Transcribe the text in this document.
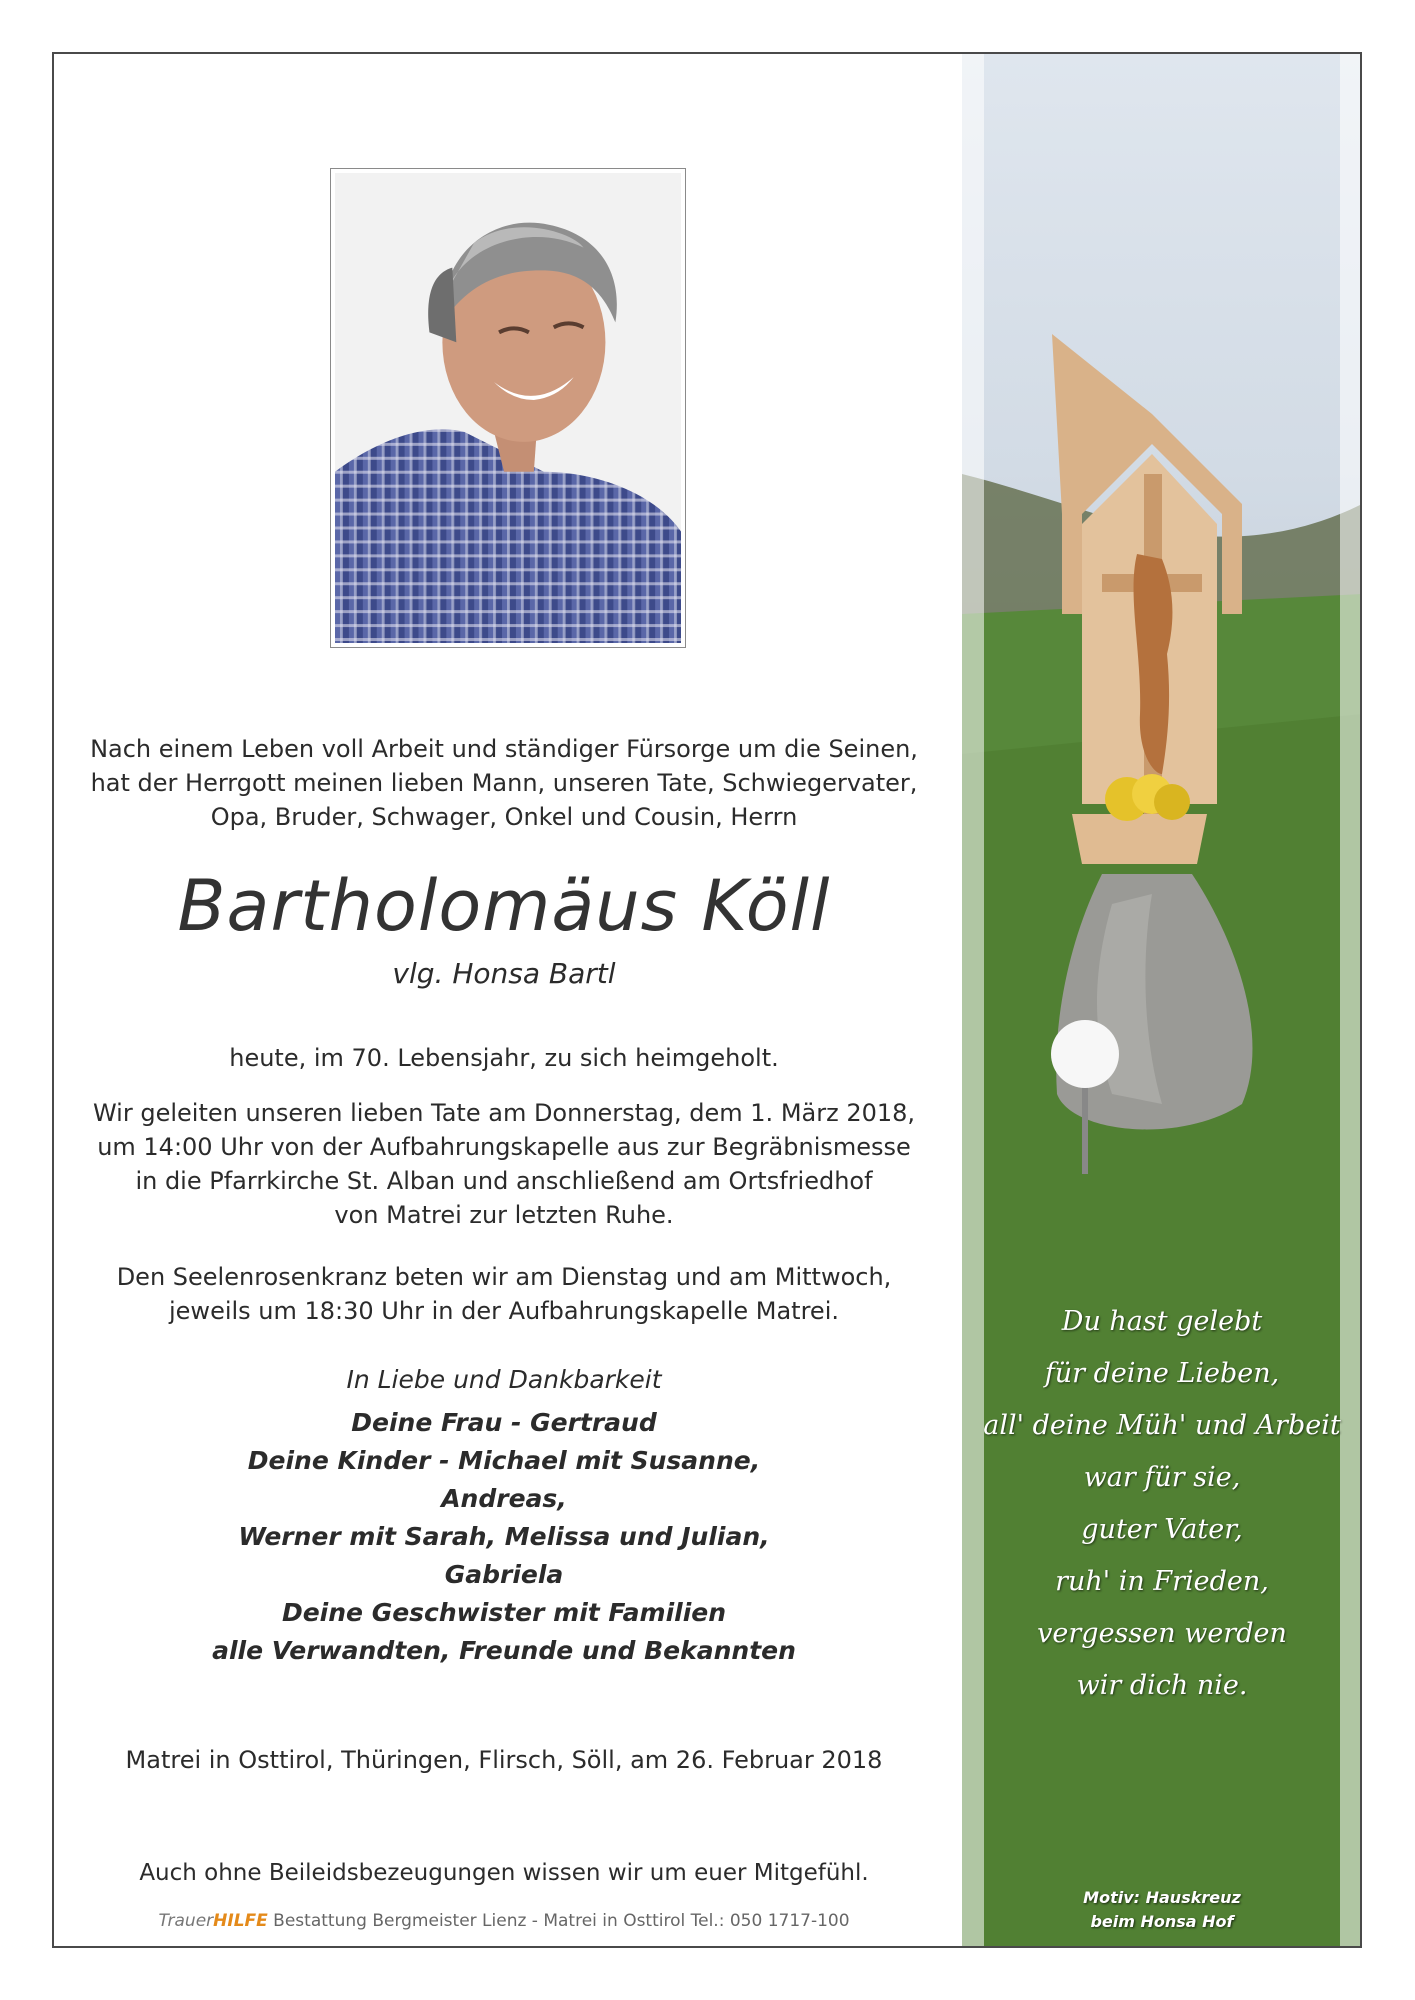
Nach einem Leben voll Arbeit und ständiger Fürsorge um die Seinen,
hat der Herrgott meinen lieben Mann, unseren Tate, Schwiegervater,
Opa, Bruder, Schwager, Onkel und Cousin, Herrn
Bartholomäus Köll
vlg. Honsa Bartl
heute, im 70. Lebensjahr, zu sich heimgeholt.
Wir geleiten unseren lieben Tate am Donnerstag, dem 1. März 2018,
um 14:00 Uhr von der Aufbahrungskapelle aus zur Begräbnismesse
in die Pfarrkirche St. Alban und anschließend am Ortsfriedhof
von Matrei zur letzten Ruhe.
Den Seelenrosenkranz beten wir am Dienstag und am Mittwoch,
jeweils um 18:30 Uhr in der Aufbahrungskapelle Matrei.
In Liebe und Dankbarkeit
Deine Frau - Gertraud
Deine Kinder - Michael mit Susanne,
Andreas,
Werner mit Sarah, Melissa und Julian,
Gabriela
Deine Geschwister mit Familien
alle Verwandten, Freunde und Bekannten
Matrei in Osttirol, Thüringen, Flirsch, Söll, am 26. Februar 2018
Auch ohne Beileidsbezeugungen wissen wir um euer Mitgefühl.
TrauerHILFE Bestattung Bergmeister Lienz - Matrei in Osttirol Tel.: 050 1717-100
Du hast gelebt
für deine Lieben,
all' deine Müh' und Arbeit
war für sie,
guter Vater,
ruh' in Frieden,
vergessen werden
wir dich nie.
Motiv: Hauskreuz
beim Honsa Hof
